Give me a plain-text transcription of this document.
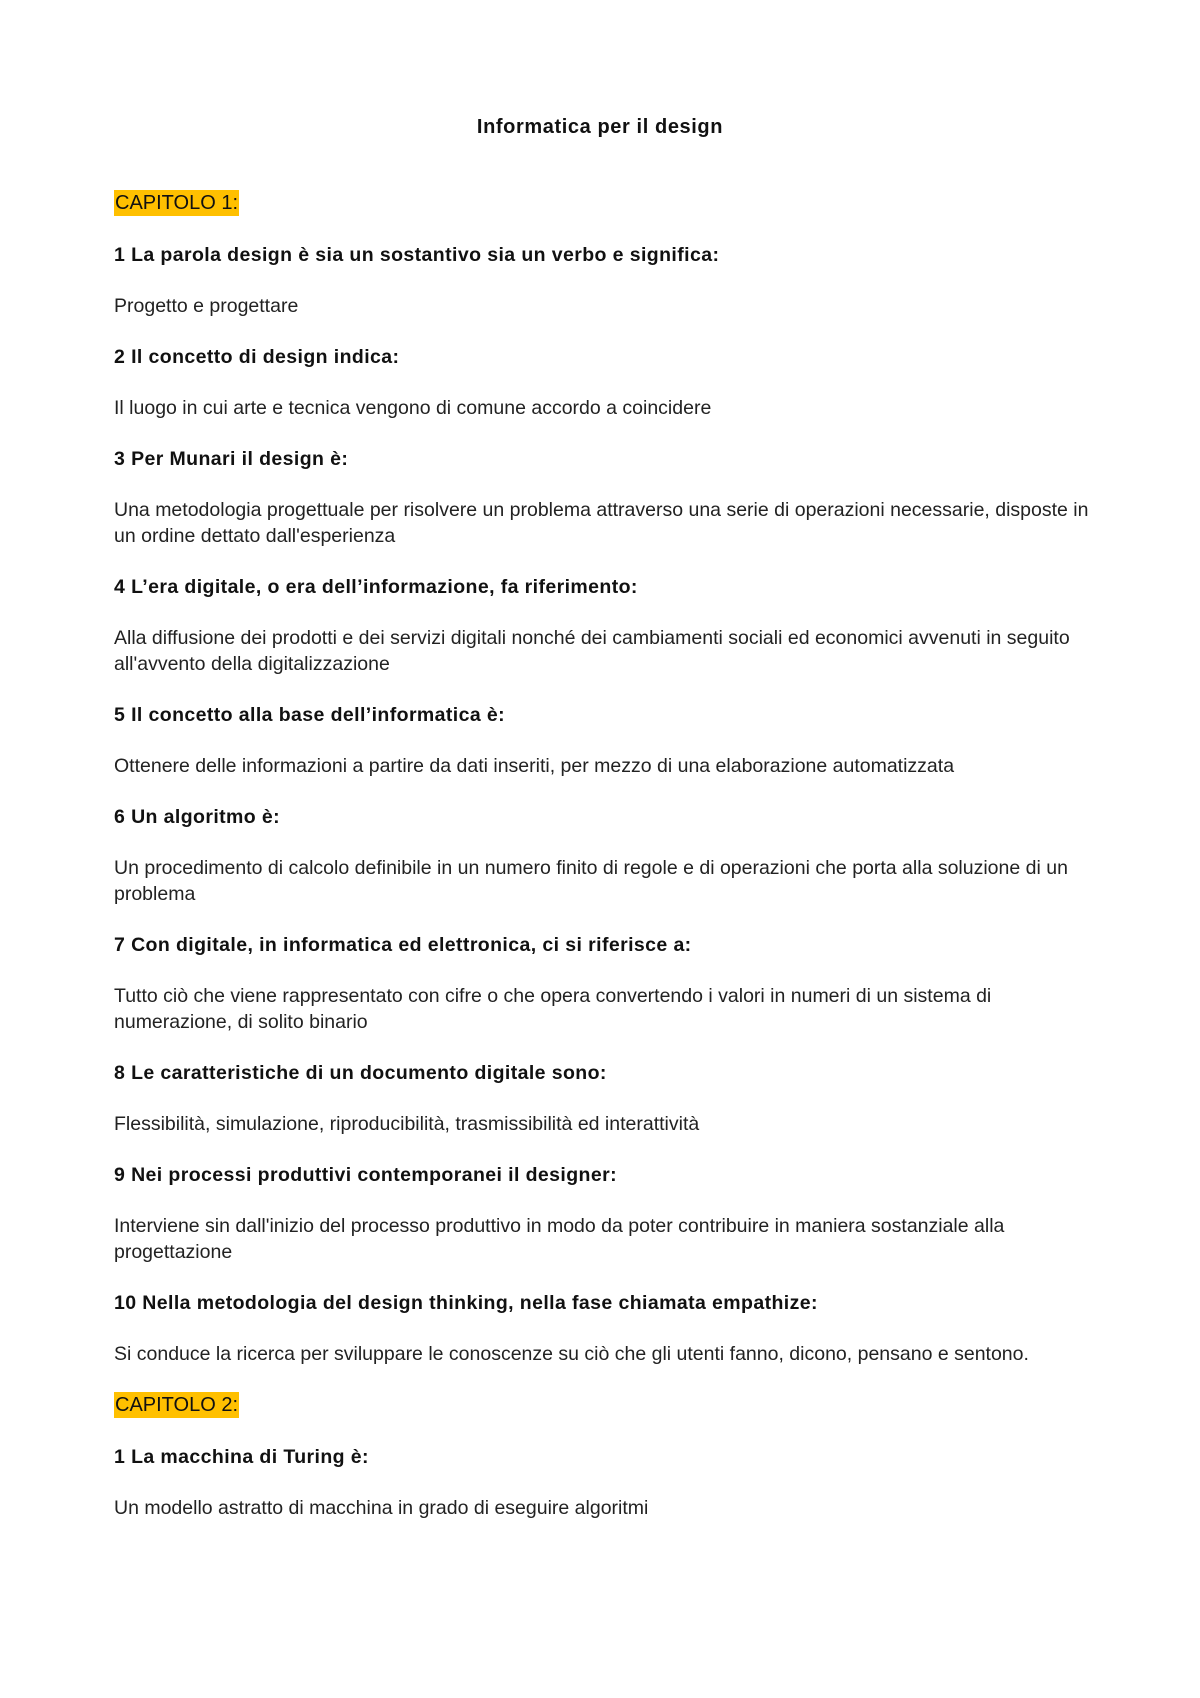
Informatica per il design
CAPITOLO 1:

1 La parola design è sia un sostantivo sia un verbo e significa:

Progetto e progettare

2 Il concetto di design indica:

Il luogo in cui arte e tecnica vengono di comune accordo a coincidere

3 Per Munari il design è:

Una metodologia progettuale per risolvere un problema attraverso una serie di operazioni necessarie, disposte in un ordine dettato dall'esperienza

4 L’era digitale, o era dell’informazione, fa riferimento:

Alla diffusione dei prodotti e dei servizi digitali nonché dei cambiamenti sociali ed economici avvenuti in seguito all'avvento della digitalizzazione

5 Il concetto alla base dell’informatica è:

Ottenere delle informazioni a partire da dati inseriti, per mezzo di una elaborazione automatizzata

6 Un algoritmo è:

Un procedimento di calcolo definibile in un numero finito di regole e di operazioni che porta alla soluzione di un problema

7 Con digitale, in informatica ed elettronica, ci si riferisce a:

Tutto ciò che viene rappresentato con cifre o che opera convertendo i valori in numeri di un sistema di numerazione, di solito binario

8 Le caratteristiche di un documento digitale sono:

Flessibilità, simulazione, riproducibilità, trasmissibilità ed interattività

9 Nei processi produttivi contemporanei il designer:

Interviene sin dall'inizio del processo produttivo in modo da poter contribuire in maniera sostanziale alla progettazione

10 Nella metodologia del design thinking, nella fase chiamata empathize:

Si conduce la ricerca per sviluppare le conoscenze su ciò che gli utenti fanno, dicono, pensano e sentono.

CAPITOLO 2:

1 La macchina di Turing è:

Un modello astratto di macchina in grado di eseguire algoritmi
